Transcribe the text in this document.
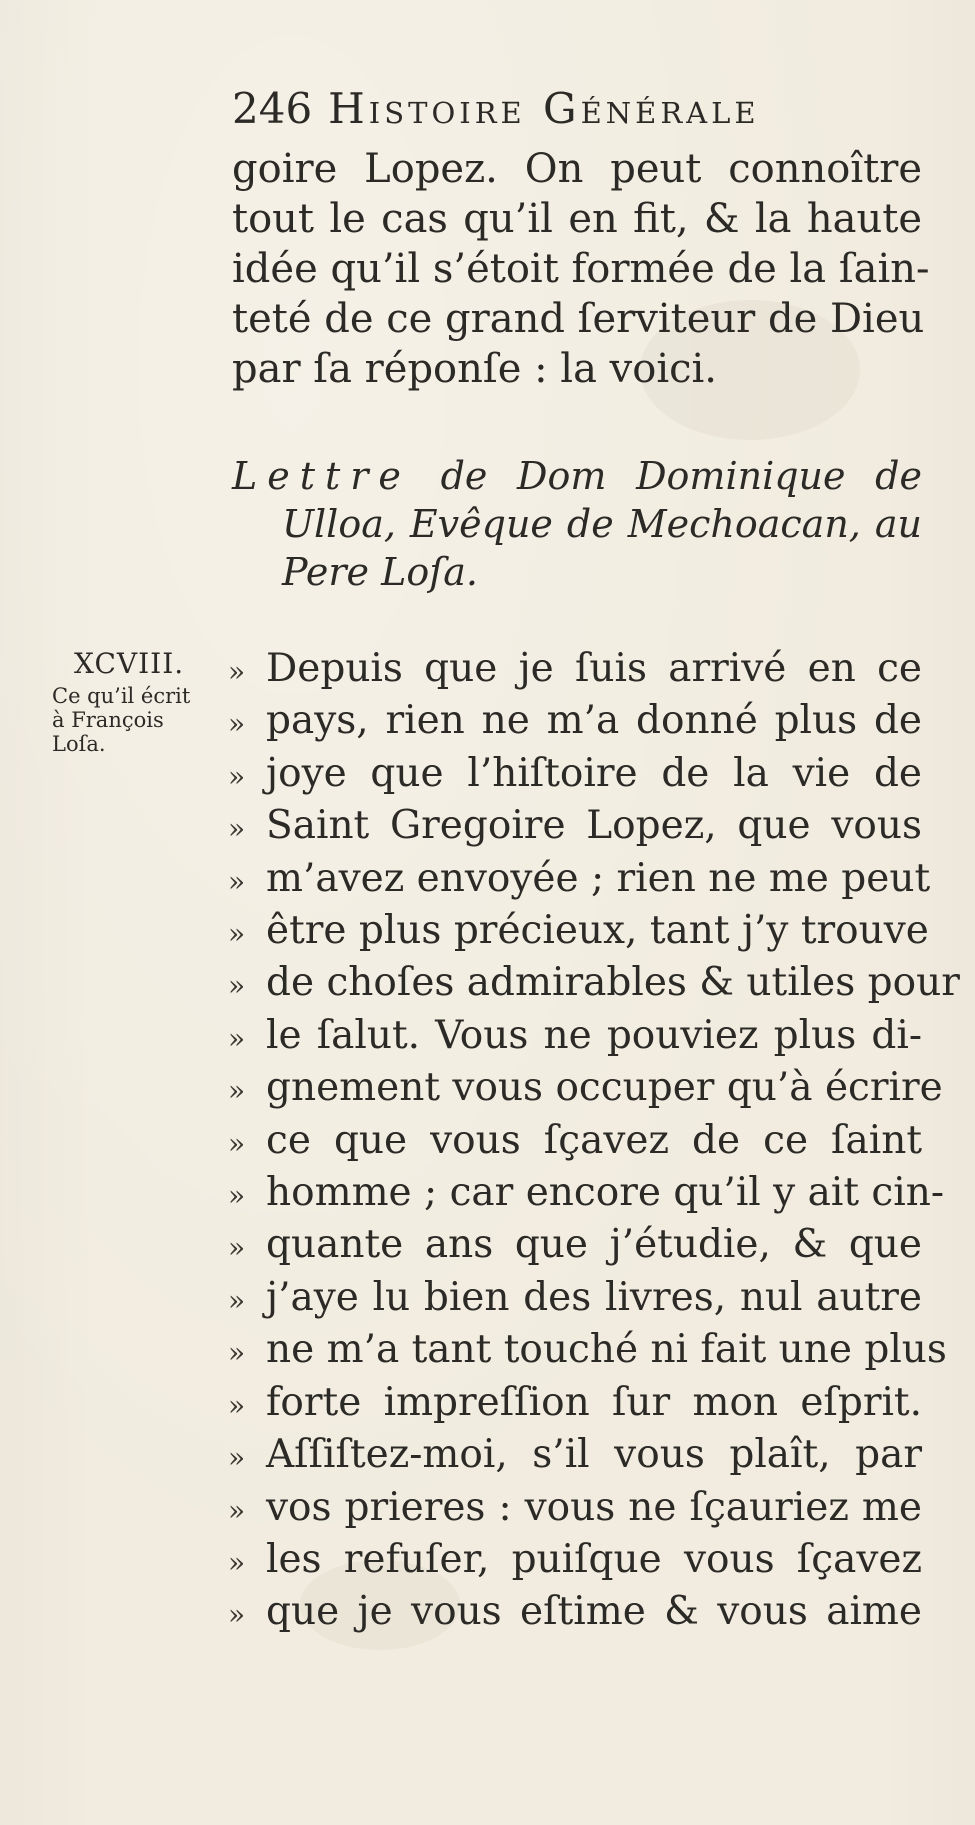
246 Histoire Générale
goire Lopez. On peut connoître
tout le cas qu’il en fit, & la haute
idée qu’il s’étoit formée de la ſain-
teté de ce grand ſerviteur de Dieu
par ſa réponſe : la voici.
Lettre de Dom Dominique de
Ulloa, Evêque de Mechoacan, au
Pere Loſa.
XCVIII.
Ce qu’il écrit
à François
Loſa.
» Depuis que je ſuis arrivé en ce
» pays, rien ne m’a donné plus de
» joye que l’hiſtoire de la vie de
» Saint Gregoire Lopez, que vous
» m’avez envoyée ; rien ne me peut
» être plus précieux, tant j’y trouve
» de choſes admirables & utiles pour
» le ſalut. Vous ne pouviez plus di-
» gnement vous occuper qu’à écrire
» ce que vous ſçavez de ce ſaint
» homme ; car encore qu’il y ait cin-
» quante ans que j’étudie, & que
» j’aye lu bien des livres, nul autre
» ne m’a tant touché ni fait une plus
» forte impreſſion ſur mon eſprit.
» Aſſiſtez-moi, s’il vous plaît, par
» vos prieres : vous ne ſçauriez me
» les refuſer, puiſque vous ſçavez
» que je vous eſtime & vous aime
